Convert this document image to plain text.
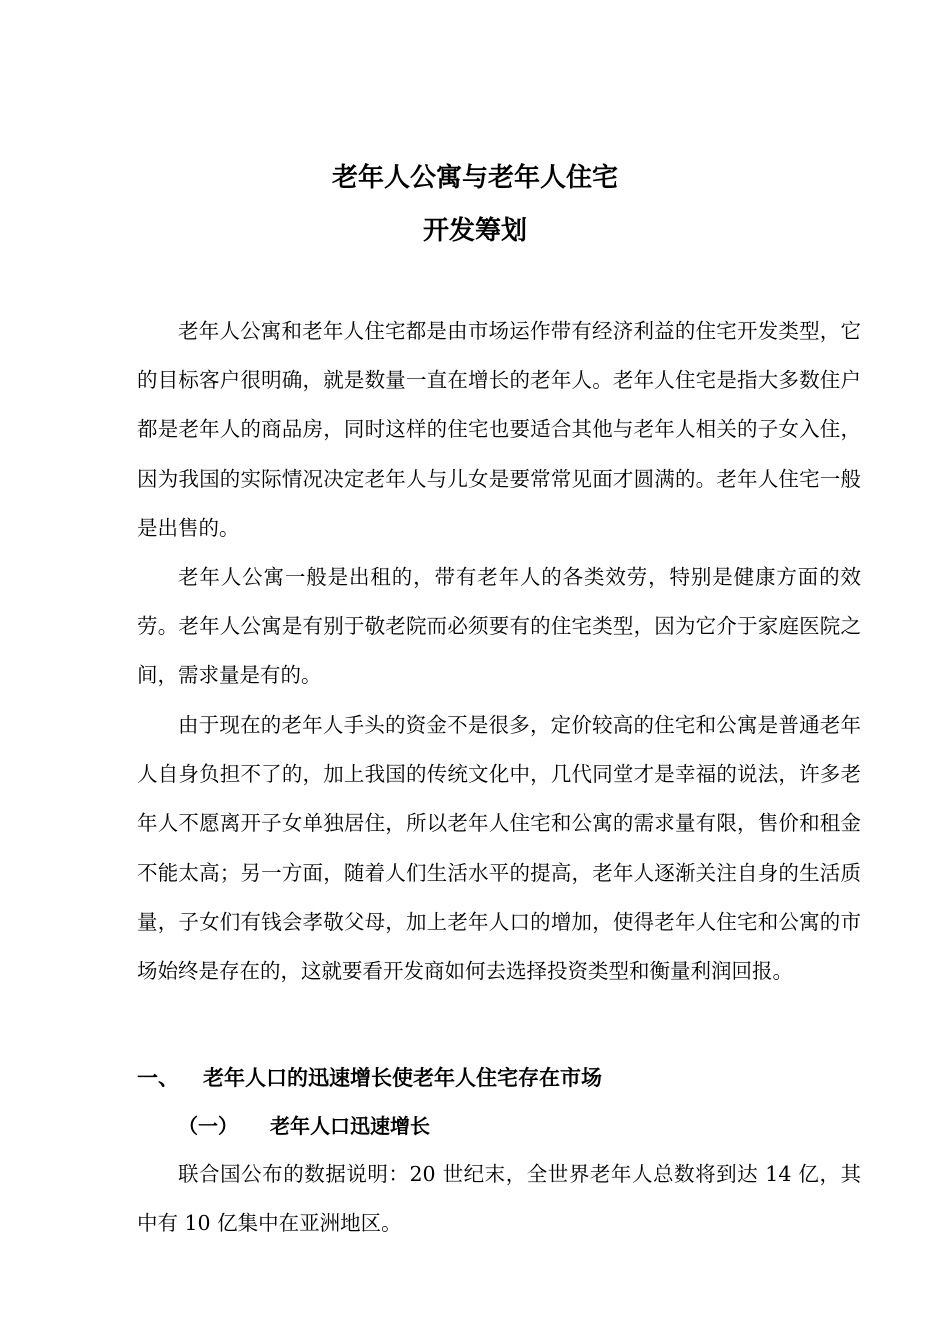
老年人公寓与老年人住宅
开发筹划

老年人公寓和老年人住宅都是由市场运作带有经济利益的住宅开发类型，它的目标客户很明确，就是数量一直在增长的老年人。老年人住宅是指大多数住户都是老年人的商品房，同时这样的住宅也要适合其他与老年人相关的子女入住，因为我国的实际情况决定老年人与儿女是要常常见面才圆满的。老年人住宅一般是出售的。

老年人公寓一般是出租的，带有老年人的各类效劳，特别是健康方面的效劳。老年人公寓是有别于敬老院而必须要有的住宅类型，因为它介于家庭医院之间，需求量是有的。

由于现在的老年人手头的资金不是很多，定价较高的住宅和公寓是普通老年人自身负担不了的，加上我国的传统文化中，几代同堂才是幸福的说法，许多老年人不愿离开子女单独居住，所以老年人住宅和公寓的需求量有限，售价和租金不能太高；另一方面，随着人们生活水平的提高，老年人逐渐关注自身的生活质量，子女们有钱会孝敬父母，加上老年人口的增加，使得老年人住宅和公寓的市场始终是存在的，这就要看开发商如何去选择投资类型和衡量利润回报。

一、 老年人口的迅速增长使老年人住宅存在市场
（一） 老年人口迅速增长

联合国公布的数据说明：20 世纪末，全世界老年人总数将到达 14 亿，其中有 10 亿集中在亚洲地区。
